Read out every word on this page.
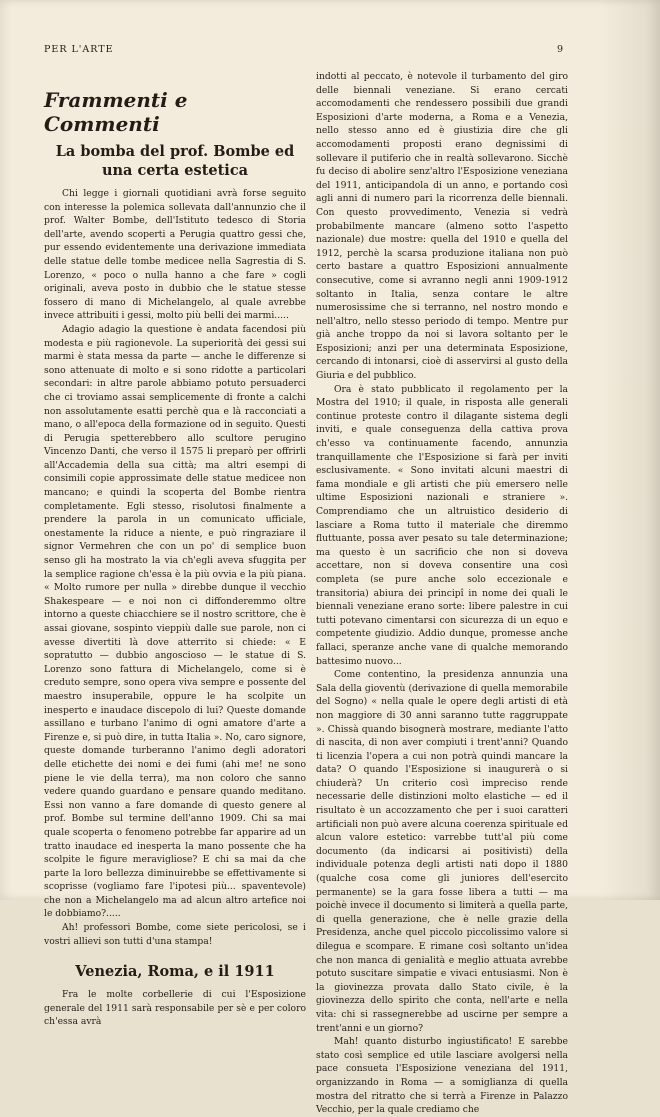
PER L'ARTE	9
Frammenti e Commenti
La bomba del prof. Bombe ed una certa estetica

Chi legge i giornali quotidiani avrà forse seguito con interesse la polemica sollevata dall'annunzio che il prof. Walter Bombe, dell'Istituto tedesco di Storia dell'arte, avendo scoperti a Perugia quattro gessi che, pur essendo evidentemente una derivazione immediata delle statue delle tombe medicee nella Sagrestia di S. Lorenzo, « poco o nulla hanno a che fare » cogli originali, aveva posto in dubbio che le statue stesse fossero di mano di Michelangelo, al quale avrebbe invece attribuiti i gessi, molto più belli dei marmi.....

Adagio adagio la questione è andata facendosi più modesta e più ragionevole. La superiorità dei gessi sui marmi è stata messa da parte — anche le differenze si sono attenuate di molto e si sono ridotte a particolari secondari: in altre parole abbiamo potuto persuaderci che ci troviamo assai semplicemente di fronte a calchi non assolutamente esatti perchè qua e là racconciati a mano, o all'epoca della formazione od in seguito. Questi di Perugia spetterebbero allo scultore perugino Vincenzo Danti, che verso il 1575 li preparò per offrirli all'Accademia della sua città; ma altri esempi di consimili copie approssimate delle statue medicee non mancano; e quindi la scoperta del Bombe rientra completamente. Egli stesso, risolutosi finalmente a prendere la parola in un comunicato ufficiale, onestamente la riduce a niente, e può ringraziare il signor Vermehren che con un po' di semplice buon senso gli ha mostrato la via ch'egli aveva sfuggita per la semplice ragione ch'essa è la più ovvia e la più piana. « Molto rumore per nulla » direbbe dunque il vecchio Shakespeare — e noi non ci diffonderemmo oltre intorno a queste chiacchiere se il nostro scrittore, che è assai giovane, sospinto vieppiù dalle sue parole, non ci avesse divertiti là dove atterrito si chiede: « E sopratutto — dubbio angoscioso — le statue di S. Lorenzo sono fattura di Michelangelo, come si è creduto sempre, sono opera viva sempre e possente del maestro insuperabile, oppure le ha scolpite un inesperto e inaudace discepolo di lui? Queste domande assillano e turbano l'animo di ogni amatore d'arte a Firenze e, si può dire, in tutta Italia ». No, caro signore, queste domande turberanno l'animo degli adoratori delle etichette dei nomi e dei fumi (ahi me! ne sono piene le vie della terra), ma non coloro che sanno vedere quando guardano e pensare quando meditano. Essi non vanno a fare domande di questo genere al prof. Bombe sul termine dell'anno 1909. Chi sa mai quale scoperta o fenomeno potrebbe far apparire ad un tratto inaudace ed inesperta la mano possente che ha scolpite le figure meravigliose? E chi sa mai da che parte la loro bellezza diminuirebbe se effettivamente si scoprisse (vogliamo fare l'ipotesi più... spaventevole) che non a Michelangelo ma ad alcun altro artefice noi le dobbiamo?.....

Ah! professori Bombe, come siete pericolosi, se i vostri allievi son tutti d'una stampa!

Venezia, Roma, e il 1911

Fra le molte corbellerie di cui l'Esposizione generale del 1911 sarà responsabile per sè e per coloro ch'essa avrà

indotti al peccato, è notevole il turbamento del giro delle biennali veneziane. Si erano cercati accomodamenti che rendessero possibili due grandi Esposizioni d'arte moderna, a Roma e a Venezia, nello stesso anno ed è giustizia dire che gli accomodamenti proposti erano degnissimi di sollevare il putiferio che in realtà sollevarono. Sicchè fu deciso di abolire senz'altro l'Esposizione veneziana del 1911, anticipandola di un anno, e portando così agli anni di numero pari la ricorrenza delle biennali. Con questo provvedimento, Venezia si vedrà probabilmente mancare (almeno sotto l'aspetto nazionale) due mostre: quella del 1910 e quella del 1912, perchè la scarsa produzione italiana non può certo bastare a quattro Esposizioni annualmente consecutive, come si avranno negli anni 1909-1912 soltanto in Italia, senza contare le altre numerosissime che si terranno, nel nostro mondo e nell'altro, nello stesso periodo di tempo. Mentre pur già anche troppo da noi si lavora soltanto per le Esposizioni; anzi per una determinata Esposizione, cercando di intonarsi, cioè di asservirsi al gusto della Giuria e del pubblico.

Ora è stato pubblicato il regolamento per la Mostra del 1910; il quale, in risposta alle generali continue proteste contro il dilagante sistema degli inviti, e quale conseguenza della cattiva prova ch'esso va continuamente facendo, annunzia tranquillamente che l'Esposizione si farà per inviti esclusivamente. « Sono invitati alcuni maestri di fama mondiale e gli artisti che più emersero nelle ultime Esposizioni nazionali e straniere ». Comprendiamo che un altruistico desiderio di lasciare a Roma tutto il materiale che diremmo fluttuante, possa aver pesato su tale determinazione; ma questo è un sacrificio che non si doveva accettare, non si doveva consentire una così completa (se pure anche solo eccezionale e transitoria) abiura dei principî in nome dei quali le biennali veneziane erano sorte: libere palestre in cui tutti potevano cimentarsi con sicurezza di un equo e competente giudizio. Addio dunque, promesse anche fallaci, speranze anche vane di qualche memorando battesimo nuovo...

Come contentino, la presidenza annunzia una Sala della gioventù (derivazione di quella memorabile del Sogno) « nella quale le opere degli artisti di età non maggiore di 30 anni saranno tutte raggruppate ». Chissà quando bisognerà mostrare, mediante l'atto di nascita, di non aver compiuti i trent'anni? Quando ti licenzia l'opera a cui non potrà quindi mancare la data? O quando l'Esposizione si inaugurerà o si chiuderà? Un criterio così impreciso rende necessarie delle distinzioni molto elastiche — ed il risultato è un accozzamento che per i suoi caratteri artificiali non può avere alcuna coerenza spirituale ed alcun valore estetico: varrebbe tutt'al più come documento (da indicarsi ai positivisti) della individuale potenza degli artisti nati dopo il 1880 (qualche cosa come gli juniores dell'esercito permanente) se la gara fosse libera a tutti — ma poichè invece il documento si limiterà a quella parte, di quella generazione, che è nelle grazie della Presidenza, anche quel piccolo piccolissimo valore si dilegua e scompare. E rimane così soltanto un'idea che non manca di genialità e meglio attuata avrebbe potuto suscitare simpatie e vivaci entusiasmi. Non è la giovinezza provata dallo Stato civile, è la giovinezza dello spirito che conta, nell'arte e nella vita: chi si rassegnerebbe ad uscirne per sempre a trent'anni e un giorno?

Mah! quanto disturbo ingiustificato! E sarebbe stato così semplice ed utile lasciare avolgersi nella pace consueta l'Esposizione veneziana del 1911, organizzando in Roma — a somiglianza di quella mostra del ritratto che si terrà a Firenze in Palazzo Vecchio, per la quale crediamo che
